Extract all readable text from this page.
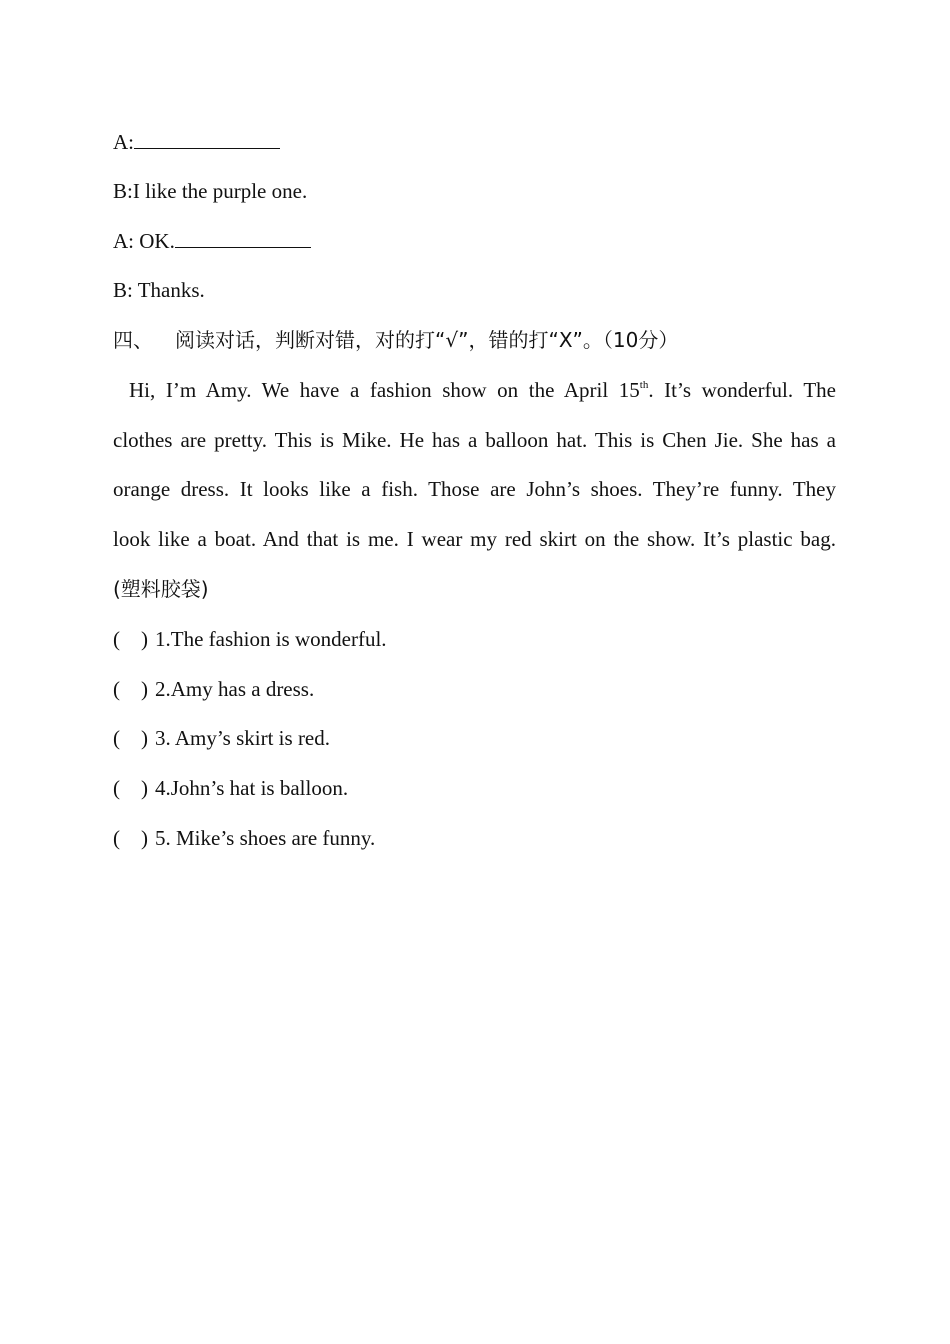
A:
B:I like the purple one.
A: OK.
B: Thanks.
四、 阅读对话，判断对错，对的打“√”，错的打“Χ”。（10分）
Hi, I’m Amy. We have a fashion show on the April 15th. It’s wonderful. The
clothes are pretty. This is Mike. He has a balloon hat. This is Chen Jie. She has a
orange dress. It looks like a fish. Those are John’s shoes. They’re funny. They
look like a boat. And that is me. I wear my red skirt on the show. It’s plastic bag.
(塑料胶袋)
(    ) 1.The fashion is wonderful.
(    ) 2.Amy has a dress.
(    ) 3. Amy’s skirt is red.
(    ) 4.John’s hat is balloon.
(    ) 5. Mike’s shoes are funny.
